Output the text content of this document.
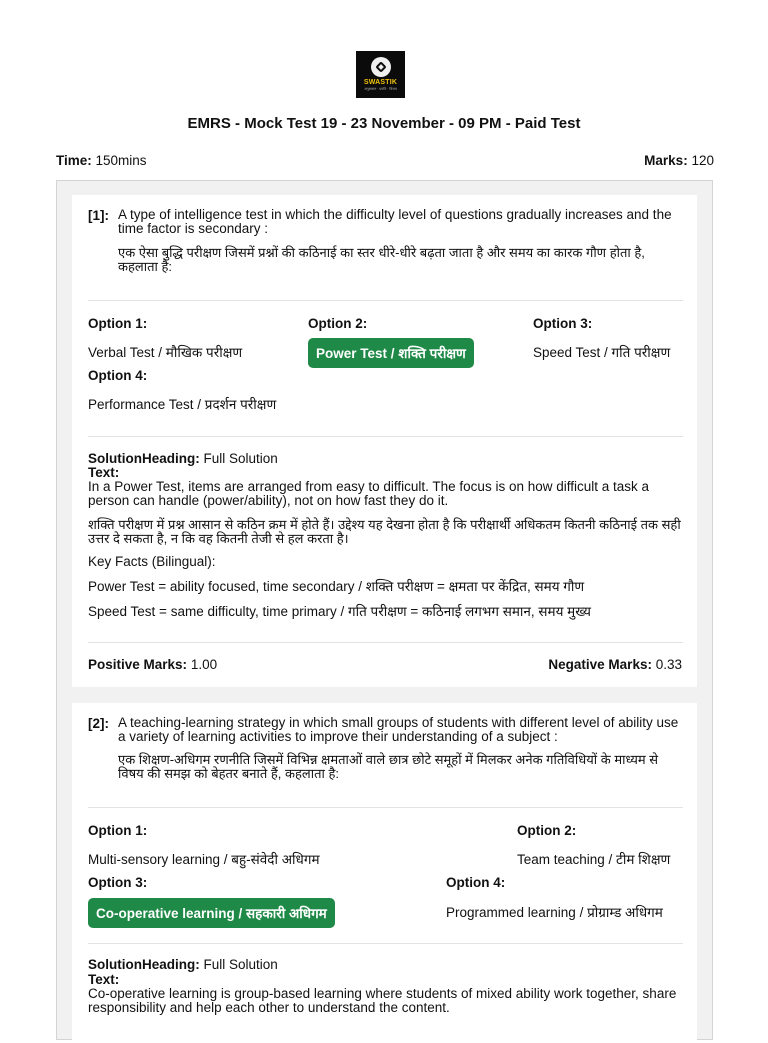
SWASTIK
अनुशासन · प्रगति · विजय
EMRS - Mock Test 19 - 23 November - 09 PM - Paid Test
Time: 150mins	Marks: 120
[1]: A type of intelligence test in which the difficulty level of questions gradually increases and the time factor is secondary :
एक ऐसा बुद्धि परीक्षण जिसमें प्रश्नों की कठिनाई का स्तर धीरे-धीरे बढ़ता जाता है और समय का कारक गौण होता है, कहलाता है:
Option 1:
Verbal Test / मौखिक परीक्षण
Option 2:
Power Test / शक्ति परीक्षण
Option 3:
Speed Test / गति परीक्षण
Option 4:
Performance Test / प्रदर्शन परीक्षण
SolutionHeading: Full Solution
Text:
In a Power Test, items are arranged from easy to difficult. The focus is on how difficult a task a person can handle (power/ability), not on how fast they do it.
शक्ति परीक्षण में प्रश्न आसान से कठिन क्रम में होते हैं। उद्देश्य यह देखना होता है कि परीक्षार्थी अधिकतम कितनी कठिनाई तक सही उत्तर दे सकता है, न कि वह कितनी तेजी से हल करता है।
Key Facts (Bilingual):
Power Test = ability focused, time secondary / शक्ति परीक्षण = क्षमता पर केंद्रित, समय गौण
Speed Test = same difficulty, time primary / गति परीक्षण = कठिनाई लगभग समान, समय मुख्य
Positive Marks: 1.00	Negative Marks: 0.33
[2]: A teaching-learning strategy in which small groups of students with different level of ability use a variety of learning activities to improve their understanding of a subject :
एक शिक्षण-अधिगम रणनीति जिसमें विभिन्न क्षमताओं वाले छात्र छोटे समूहों में मिलकर अनेक गतिविधियों के माध्यम से विषय की समझ को बेहतर बनाते हैं, कहलाता है:
Option 1:
Multi-sensory learning / बहु-संवेदी अधिगम
Option 2:
Team teaching / टीम शिक्षण
Option 3:
Co-operative learning / सहकारी अधिगम
Option 4:
Programmed learning / प्रोग्राम्ड अधिगम
SolutionHeading: Full Solution
Text:
Co-operative learning is group-based learning where students of mixed ability work together, share responsibility and help each other to understand the content.
